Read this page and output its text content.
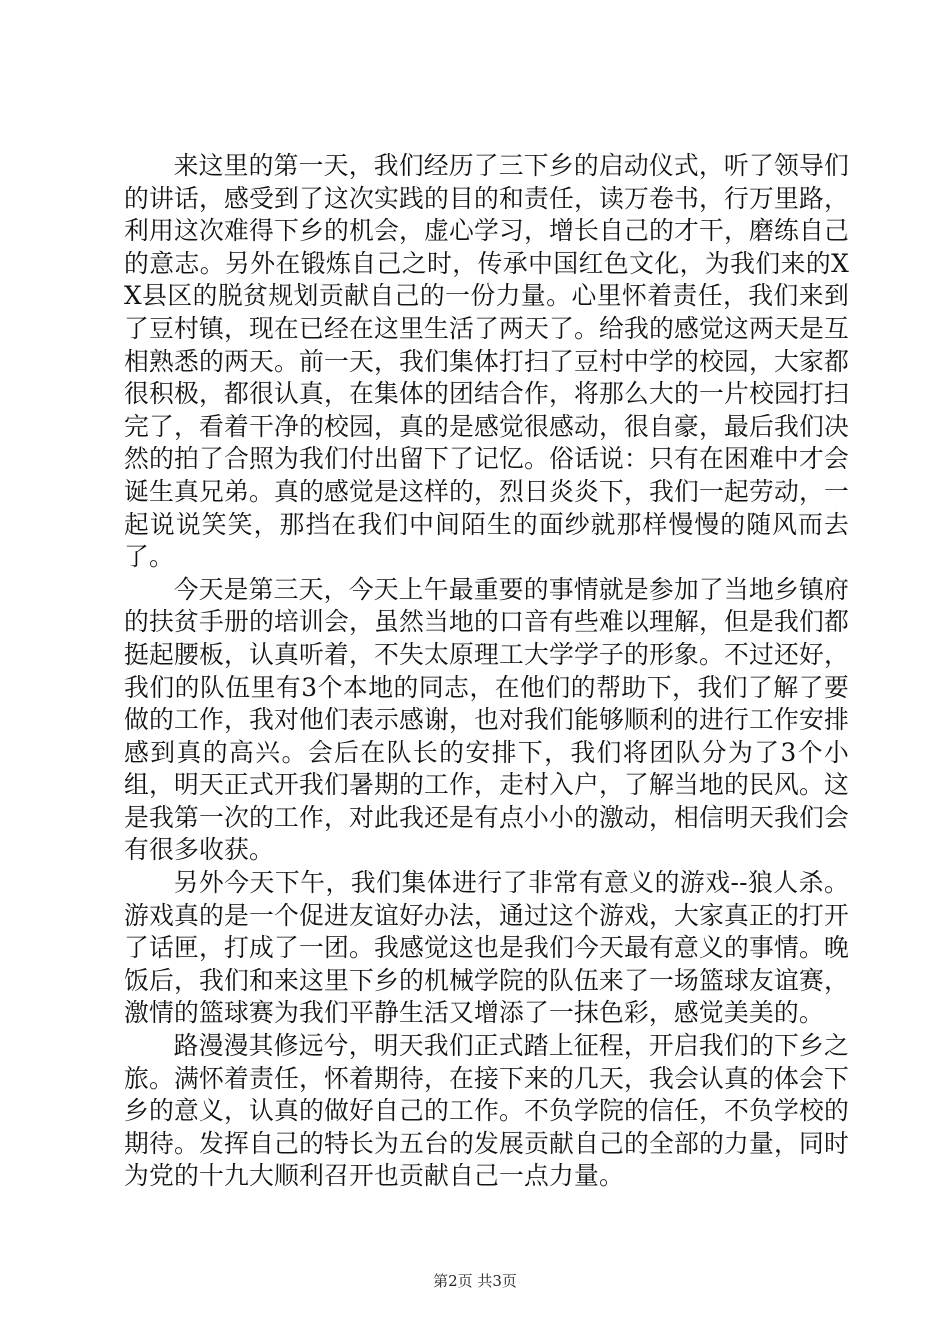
来这里的第一天，我们经历了三下乡的启动仪式，听了领导们的讲话，感受到了这次实践的目的和责任，读万卷书，行万里路，利用这次难得下乡的机会，虚心学习，增长自己的才干，磨练自己的意志。另外在锻炼自己之时，传承中国红色文化，为我们来的XX县区的脱贫规划贡献自己的一份力量。心里怀着责任，我们来到了豆村镇，现在已经在这里生活了两天了。给我的感觉这两天是互相熟悉的两天。前一天，我们集体打扫了豆村中学的校园，大家都很积极，都很认真，在集体的团结合作，将那么大的一片校园打扫完了，看着干净的校园，真的是感觉很感动，很自豪，最后我们决然的拍了合照为我们付出留下了记忆。俗话说：只有在困难中才会诞生真兄弟。真的感觉是这样的，烈日炎炎下，我们一起劳动，一起说说笑笑，那挡在我们中间陌生的面纱就那样慢慢的随风而去了。

今天是第三天，今天上午最重要的事情就是参加了当地乡镇府的扶贫手册的培训会，虽然当地的口音有些难以理解，但是我们都挺起腰板，认真听着，不失太原理工大学学子的形象。不过还好，我们的队伍里有3个本地的同志，在他们的帮助下，我们了解了要做的工作，我对他们表示感谢，也对我们能够顺利的进行工作安排感到真的高兴。会后在队长的安排下，我们将团队分为了3个小组，明天正式开我们暑期的工作，走村入户，了解当地的民风。这是我第一次的工作，对此我还是有点小小的激动，相信明天我们会有很多收获。

另外今天下午，我们集体进行了非常有意义的游戏--狼人杀。游戏真的是一个促进友谊好办法，通过这个游戏，大家真正的打开了话匣，打成了一团。我感觉这也是我们今天最有意义的事情。晚饭后，我们和来这里下乡的机械学院的队伍来了一场篮球友谊赛，激情的篮球赛为我们平静生活又增添了一抹色彩，感觉美美的。

路漫漫其修远兮，明天我们正式踏上征程，开启我们的下乡之旅。满怀着责任，怀着期待，在接下来的几天，我会认真的体会下乡的意义，认真的做好自己的工作。不负学院的信任，不负学校的期待。发挥自己的特长为五台的发展贡献自己的全部的力量，同时为党的十九大顺利召开也贡献自己一点力量。

第2页 共3页
